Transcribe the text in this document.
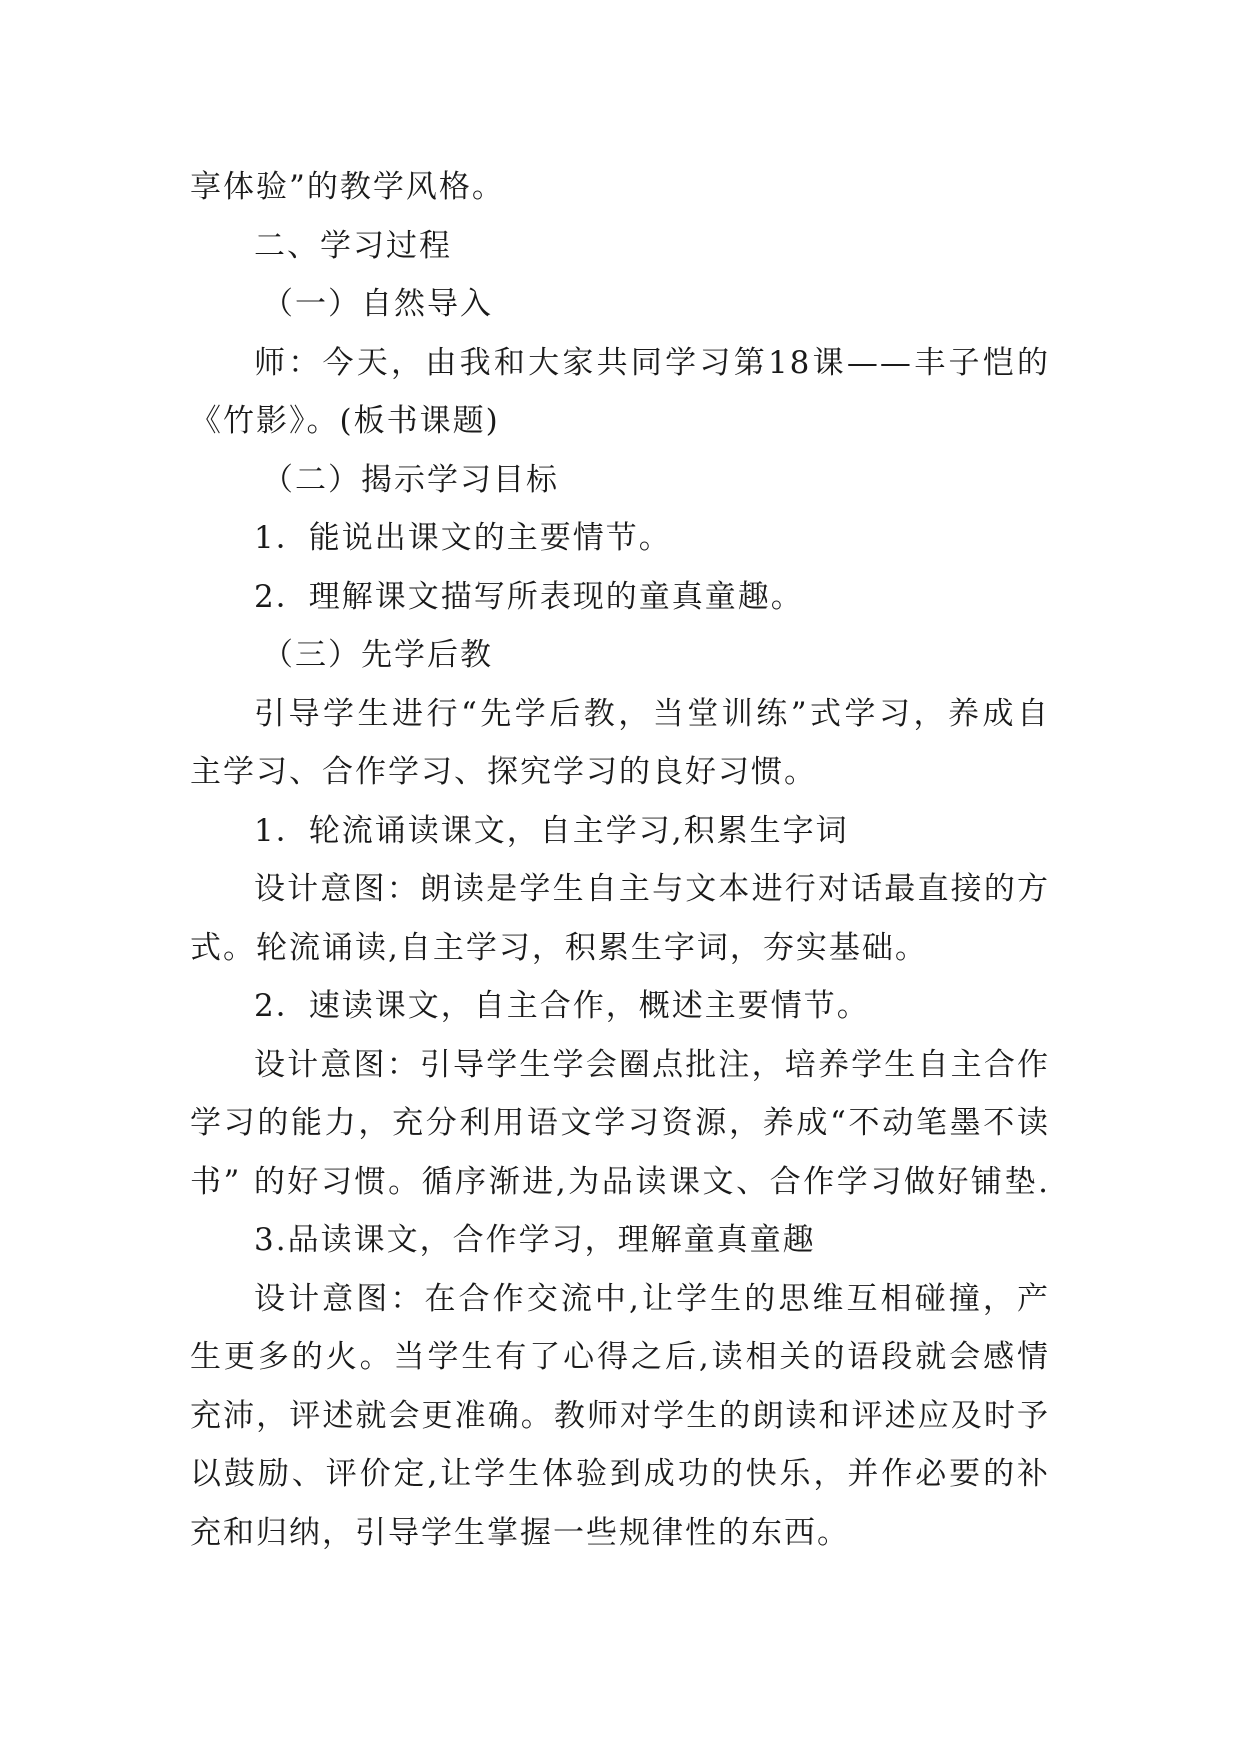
享体验”的教学风格。
二、学习过程
（一）自然导入
师：今天，由我和大家共同学习第18课——丰子恺的
《竹影》。(板书课题)
（二）揭示学习目标
1．能说出课文的主要情节。
2．理解课文描写所表现的童真童趣。
（三）先学后教
引导学生进行“先学后教，当堂训练”式学习，养成自
主学习、合作学习、探究学习的良好习惯。
1．轮流诵读课文，自主学习,积累生字词
设计意图：朗读是学生自主与文本进行对话最直接的方
式。轮流诵读,自主学习，积累生字词，夯实基础。
2．速读课文，自主合作，概述主要情节。
设计意图：引导学生学会圈点批注，培养学生自主合作
学习的能力，充分利用语文学习资源，养成“不动笔墨不读
书” 的好习惯。循序渐进,为品读课文、合作学习做好铺垫.
3.品读课文，合作学习，理解童真童趣
设计意图：在合作交流中,让学生的思维互相碰撞，产
生更多的火。当学生有了心得之后,读相关的语段就会感情
充沛，评述就会更准确。教师对学生的朗读和评述应及时予
以鼓励、评价定,让学生体验到成功的快乐，并作必要的补
充和归纳，引导学生掌握一些规律性的东西。
